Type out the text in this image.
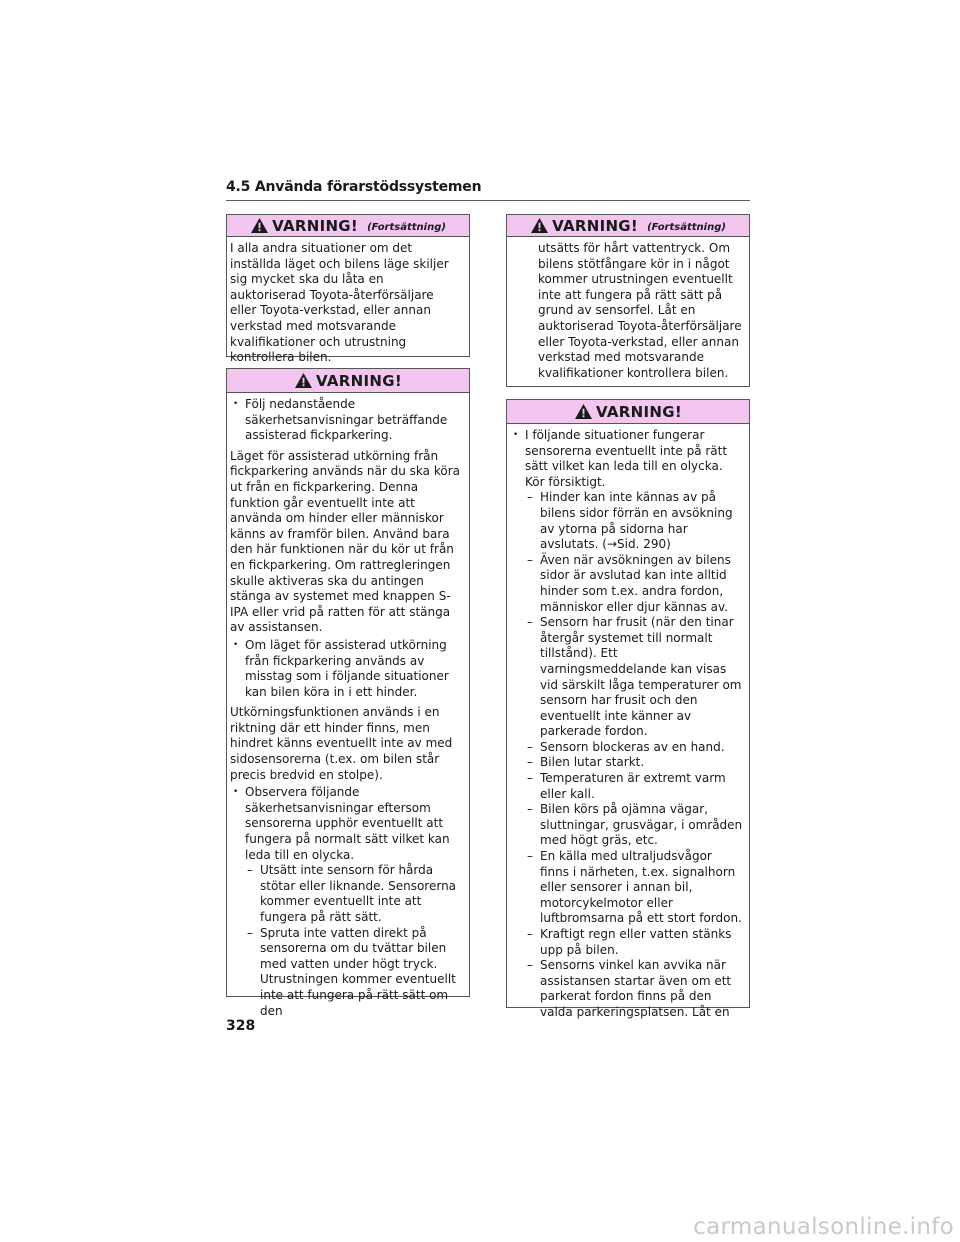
4.5 Använda förarstödssystemen
VARNING! (Fortsättning)

I alla andra situationer om det inställda läget och bilens läge skiljer sig mycket ska du låta en auktoriserad Toyota-återförsäljare eller Toyota-verkstad, eller annan verkstad med motsvarande kvalifikationer och utrustning kontrollera bilen.

VARNING!

• Följ nedanstående säkerhetsanvisningar beträffande assisterad fickparkering.

Läget för assisterad utkörning från fickparkering används när du ska köra ut från en fickparkering. Denna funktion går eventuellt inte att använda om hinder eller människor känns av framför bilen. Använd bara den här funktionen när du kör ut från en fickparkering. Om rattregleringen skulle aktiveras ska du antingen stänga av systemet med knappen S-IPA eller vrid på ratten för att stänga av assistansen.

• Om läget för assisterad utkörning från fickparkering används av misstag som i följande situationer kan bilen köra in i ett hinder.

Utkörningsfunktionen används i en riktning där ett hinder finns, men hindret känns eventuellt inte av med sidosensorerna (t.ex. om bilen står precis bredvid en stolpe).

• Observera följande säkerhetsanvisningar eftersom sensorerna upphör eventuellt att fungera på normalt sätt vilket kan leda till en olycka.

– Utsätt inte sensorn för hårda stötar eller liknande. Sensorerna kommer eventuellt inte att fungera på rätt sätt.

– Spruta inte vatten direkt på sensorerna om du tvättar bilen med vatten under högt tryck. Utrustningen kommer eventuellt inte att fungera på rätt sätt om den

VARNING! (Fortsättning)

utsätts för hårt vattentryck. Om bilens stötfångare kör in i något kommer utrustningen eventuellt inte att fungera på rätt sätt på grund av sensorfel. Låt en auktoriserad Toyota-återförsäljare eller Toyota-verkstad, eller annan verkstad med motsvarande kvalifikationer kontrollera bilen.

VARNING!

• I följande situationer fungerar sensorerna eventuellt inte på rätt sätt vilket kan leda till en olycka. Kör försiktigt.

– Hinder kan inte kännas av på bilens sidor förrän en avsökning av ytorna på sidorna har avslutats. (→Sid. 290)

– Även när avsökningen av bilens sidor är avslutad kan inte alltid hinder som t.ex. andra fordon, människor eller djur kännas av.

– Sensorn har frusit (när den tinar återgår systemet till normalt tillstånd). Ett varningsmeddelande kan visas vid särskilt låga temperaturer om sensorn har frusit och den eventuellt inte känner av parkerade fordon.

– Sensorn blockeras av en hand.

– Bilen lutar starkt.

– Temperaturen är extremt varm eller kall.

– Bilen körs på ojämna vägar, sluttningar, grusvägar, i områden med högt gräs, etc.

– En källa med ultraljudsvågor finns i närheten, t.ex. signalhorn eller sensorer i annan bil, motorcykelmotor eller luftbromsarna på ett stort fordon.

– Kraftigt regn eller vatten stänks upp på bilen.

– Sensorns vinkel kan avvika när assistansen startar även om ett parkerat fordon finns på den valda parkeringsplatsen. Låt en

328
carmanualsonline.info
